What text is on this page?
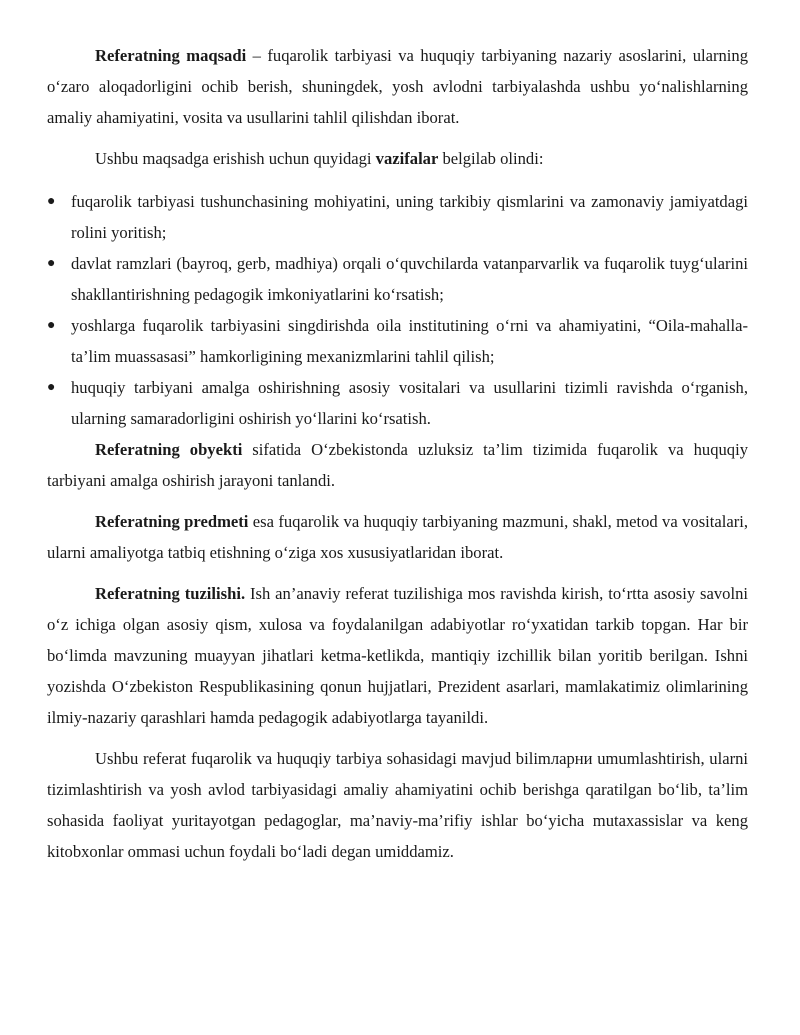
Referatning maqsadi – fuqarolik tarbiyasi va huquqiy tarbiyaning nazariy asoslarini, ularning o‘zaro aloqadorligini ochib berish, shuningdek, yosh avlodni tarbiyalashda ushbu yo‘nalishlarning amaliy ahamiyatini, vosita va usullarini tahlil qilishdan iborat.

Ushbu maqsadga erishish uchun quyidagi vazifalar belgilab olindi:

● fuqarolik tarbiyasi tushunchasining mohiyatini, uning tarkibiy qismlarini va zamonaviy jamiyatdagi rolini yoritish;
● davlat ramzlari (bayroq, gerb, madhiya) orqali o‘quvchilarda vatanparvarlik va fuqarolik tuyg‘ularini shakllantirishning pedagogik imkoniyatlarini ko‘rsatish;
● yoshlarga fuqarolik tarbiyasini singdirishda oila institutining o‘rni va ahamiyatini, “Oila-mahalla-ta’lim muassasasi” hamkorligining mexanizmlarini tahlil qilish;
● huquqiy tarbiyani amalga oshirishning asosiy vositalari va usullarini tizimli ravishda o‘rganish, ularning samaradorligini oshirish yo‘llarini ko‘rsatish.

Referatning obyekti sifatida O‘zbekistonda uzluksiz ta’lim tizimida fuqarolik va huquqiy tarbiyani amalga oshirish jarayoni tanlandi.

Referatning predmeti esa fuqarolik va huquqiy tarbiyaning mazmuni, shakl, metod va vositalari, ularni amaliyotga tatbiq etishning o‘ziga xos xususiyatlaridan iborat.

Referatning tuzilishi. Ish an’anaviy referat tuzilishiga mos ravishda kirish, to‘rtta asosiy savolni o‘z ichiga olgan asosiy qism, xulosa va foydalanilgan adabiyotlar ro‘yxatidan tarkib topgan. Har bir bo‘limda mavzuning muayyan jihatlari ketma-ketlikda, mantiqiy izchillik bilan yoritib berilgan. Ishni yozishda O‘zbekiston Respublikasining qonun hujjatlari, Prezident asarlari, mamlakatimiz olimlarining ilmiy-nazariy qarashlari hamda pedagogik adabiyotlarga tayanildi.

Ushbu referat fuqarolik va huquqiy tarbiya sohasidagi mavjud bilimларни umumlashtirish, ularni tizimlashtirish va yosh avlod tarbiyasidagi amaliy ahamiyatini ochib berishga qaratilgan bo‘lib, ta’lim sohasida faoliyat yuritayotgan pedagoglar, ma’naviy-ma’rifiy ishlar bo‘yicha mutaxassislar va keng kitobxonlar ommasi uchun foydali bo‘ladi degan umiddamiz.
